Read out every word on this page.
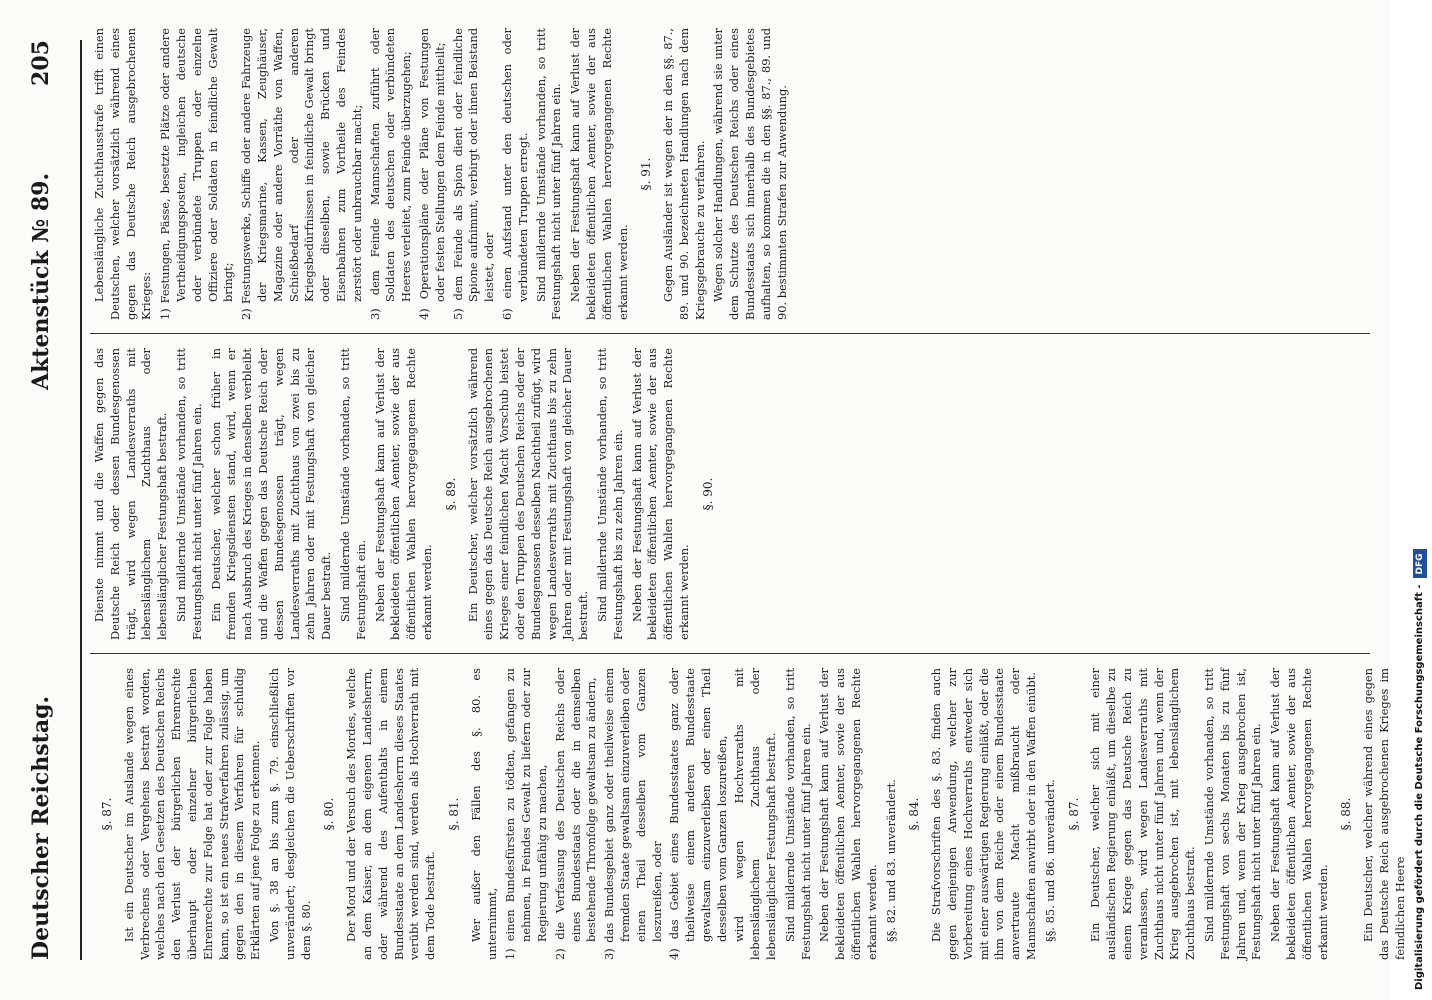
Deutscher Reichstag.
Aktenstück № 89.
205
§. 87. Ist ein Deutscher im Auslande wegen eines Verbrechens oder Vergehens bestraft worden, welches nach den Gesetzen des Deutschen Reichs den Verlust der bürgerlichen Ehrenrechte überhaupt oder einzelner bürgerlichen Ehrenrechte zur Folge hat oder zur Folge haben kann, so ist ein neues Strafverfahren zulässig, um gegen den in diesem Verfahren für schuldig Erklärten auf jene Folge zu erkennen. Von §. 38 an bis zum §. 79. einschließlich unverändert; desgleichen die Ueberschriften vor dem §. 80.
§. 80. Der Mord und der Versuch des Mordes, welche an dem Kaiser, an dem eigenen Landesherrn, oder während des Aufenthalts in einem Bundesstaate an dem Landesherrn dieses Staates verübt werden sind, werden als Hochverrath mit dem Tode bestraft.
§. 81. Wer außer den Fällen des §. 80. es unternimmt, 1) einen Bundesfürsten zu tödten, gefangen zu nehmen, in Feindes Gewalt zu liefern oder zur Regierung unfähig zu machen, 2) die Verfassung des Deutschen Reichs oder eines Bundesstaats oder die in demselben bestehende Thronfolge gewaltsam zu ändern, 3) das Bundesgebiet ganz oder theilweise einem fremden Staate gewaltsam einzuverleiben oder einen Theil desselben vom Ganzen loszureißen, oder 4) das Gebiet eines Bundesstaates ganz oder theilweise einem anderen Bundesstaate gewaltsam einzuverleiben oder einen Theil desselben vom Ganzen loszureißen, wird wegen Hochverraths mit lebenslänglichem Zuchthaus oder lebenslänglicher Festungshaft bestraft. Sind mildernde Umstände vorhanden, so tritt Festungshaft nicht unter fünf Jahren ein. Neben der Festungshaft kann auf Verlust der bekleideten öffentlichen Aemter, sowie der aus öffentlichen Wahlen hervorgegangenen Rechte erkannt werden. §§. 82. und 83. unverändert. §. 84. Die Strafvorschriften des §. 83. finden auch gegen denjenigen Anwendung, welcher zur Vorbereitung eines Hochverraths entweder sich mit einer auswärtigen Regierung einläßt, oder die ihm von dem Reiche oder einem Bundesstaate anvertraute Macht mißbraucht oder Mannschaften anwirbt oder in den Waffen einübt. §§. 85. und 86. unverändert. §. 87. Ein Deutscher, welcher sich mit einer ausländischen Regierung einläßt, um dieselbe zu einem Kriege gegen das Deutsche Reich zu veranlassen, wird wegen Landesverraths mit Zuchthaus nicht unter fünf Jahren und, wenn der Krieg ausgebrochen ist, mit lebenslänglichem Zuchthaus bestraft. Sind mildernde Umstände vorhanden, so tritt Festungshaft von sechs Monaten bis zu fünf Jahren und, wenn der Krieg ausgebrochen ist, Festungshaft nicht unter fünf Jahren ein. Neben der Festungshaft kann auf Verlust der bekleideten öffentlichen Aemter, sowie der aus öffentlichen Wahlen hervorgegangenen Rechte erkannt werden.
§. 88. Ein Deutscher, welcher während eines gegen das Deutsche Reich ausgebrochenen Krieges im feindlichen Heere
Dienste nimmt und die Waffen gegen das Deutsche Reich oder dessen Bundesgenossen trägt, wird wegen Landesverraths mit lebenslänglichem Zuchthaus oder lebenslänglicher Festungshaft bestraft. Sind mildernde Umstände vorhanden, so tritt Festungshaft nicht unter fünf Jahren ein. Ein Deutscher, welcher schon früher in fremden Kriegsdiensten stand, wird, wenn er nach Ausbruch des Krieges in denselben verbleibt und die Waffen gegen das Deutsche Reich oder dessen Bundesgenossen trägt, wegen Landesverraths mit Zuchthaus von zwei bis zu zehn Jahren oder mit Festungshaft von gleicher Dauer bestraft. Sind mildernde Umstände vorhanden, so tritt Festungshaft ein. Neben der Festungshaft kann auf Verlust der bekleideten öffentlichen Aemter, sowie der aus öffentlichen Wahlen hervorgegangenen Rechte erkannt werden.
§. 89. Ein Deutscher, welcher vorsätzlich während eines gegen das Deutsche Reich ausgebrochenen Krieges einer feindlichen Macht Vorschub leistet oder den Truppen des Deutschen Reichs oder der Bundesgenossen desselben Nachtheil zufügt, wird wegen Landesverraths mit Zuchthaus bis zu zehn Jahren oder mit Festungshaft von gleicher Dauer bestraft. Sind mildernde Umstände vorhanden, so tritt Festungshaft bis zu zehn Jahren ein. Neben der Festungshaft kann auf Verlust der bekleideten öffentlichen Aemter, sowie der aus öffentlichen Wahlen hervorgegangenen Rechte erkannt werden.
§. 90.
Lebenslängliche Zuchthausstrafe trifft einen Deutschen, welcher vorsätzlich während eines gegen das Deutsche Reich ausgebrochenen Krieges: 1) Festungen, Pässe, besetzte Plätze oder andere Vertheidigungsposten, ingleichen deutsche oder verbündete Truppen oder einzelne Offiziere oder Soldaten in feindliche Gewalt bringt; 2) Festungswerke, Schiffe oder andere Fahrzeuge der Kriegsmarine, Kassen, Zeughäuser, Magazine oder andere Vorräthe von Waffen, Schießbedarf oder anderen Kriegsbedürfnissen in feindliche Gewalt bringt oder dieselben, sowie Brücken und Eisenbahnen zum Vortheile des Feindes zerstört oder unbrauchbar macht; 3) dem Feinde Mannschaften zuführt oder Soldaten des deutschen oder verbündeten Heeres verleitet, zum Feinde überzugehen; 4) Operationspläne oder Pläne von Festungen oder festen Stellungen dem Feinde mittheilt; 5) dem Feinde als Spion dient oder feindliche Spione aufnimmt, verbirgt oder ihnen Beistand leistet, oder 6) einen Aufstand unter den deutschen oder verbündeten Truppen erregt. Sind mildernde Umstände vorhanden, so tritt Festungshaft nicht unter fünf Jahren ein. Neben der Festungshaft kann auf Verlust der bekleideten öffentlichen Aemter, sowie der aus öffentlichen Wahlen hervorgegangenen Rechte erkannt werden.
§. 91. Gegen Ausländer ist wegen der in den §§. 87., 89. und 90. bezeichneten Handlungen nach dem Kriegsgebrauche zu verfahren. Wegen solcher Handlungen, während sie unter dem Schutze des Deutschen Reichs oder eines Bundesstaats sich innerhalb des Bundesgebietes aufhalten, so kommen die in den §§. 87., 89. und 90. bestimmten Strafen zur Anwendung.
Digitalisierung gefördert durch die Deutsche Forschungsgemeinschaft -DFG
